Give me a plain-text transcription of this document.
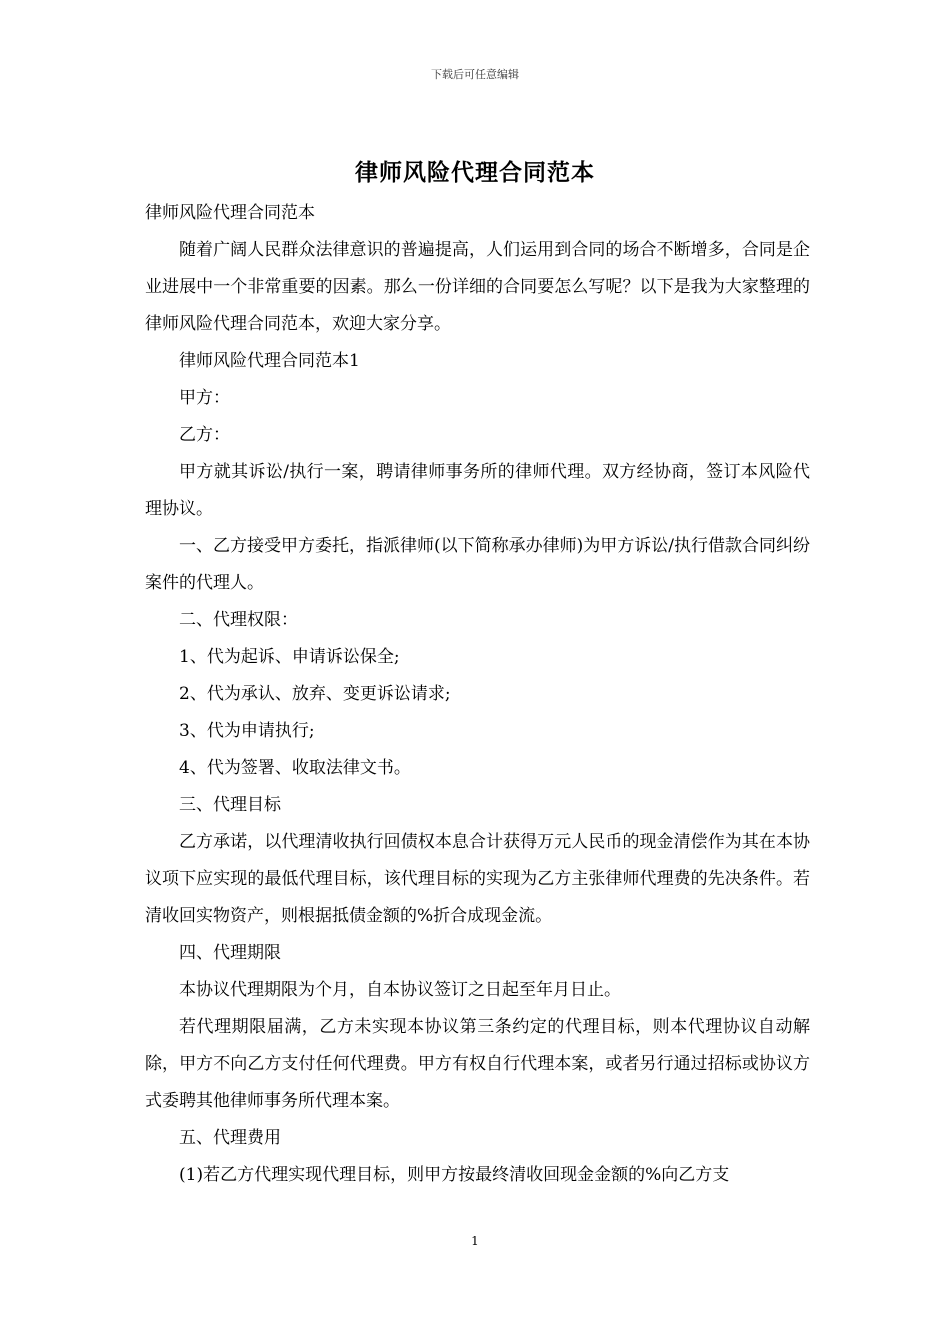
下载后可任意编辑
律师风险代理合同范本

律师风险代理合同范本

随着广阔人民群众法律意识的普遍提高，人们运用到合同的场合不断增多，合同是企业进展中一个非常重要的因素。那么一份详细的合同要怎么写呢？以下是我为大家整理的律师风险代理合同范本，欢迎大家分享。

律师风险代理合同范本1

甲方：

乙方：

甲方就其诉讼/执行一案，聘请律师事务所的律师代理。双方经协商，签订本风险代理协议。

一、乙方接受甲方委托，指派律师(以下简称承办律师)为甲方诉讼/执行借款合同纠纷案件的代理人。

二、代理权限：

1、代为起诉、申请诉讼保全;

2、代为承认、放弃、变更诉讼请求;

3、代为申请执行;

4、代为签署、收取法律文书。

三、代理目标

乙方承诺，以代理清收执行回债权本息合计获得万元人民币的现金清偿作为其在本协议项下应实现的最低代理目标，该代理目标的实现为乙方主张律师代理费的先决条件。若清收回实物资产，则根据抵债金额的%折合成现金流。

四、代理期限

本协议代理期限为个月，自本协议签订之日起至年月日止。

若代理期限届满，乙方未实现本协议第三条约定的代理目标，则本代理协议自动解除，甲方不向乙方支付任何代理费。甲方有权自行代理本案，或者另行通过招标或协议方式委聘其他律师事务所代理本案。

五、代理费用

(1)若乙方代理实现代理目标，则甲方按最终清收回现金金额的%向乙方支

1
